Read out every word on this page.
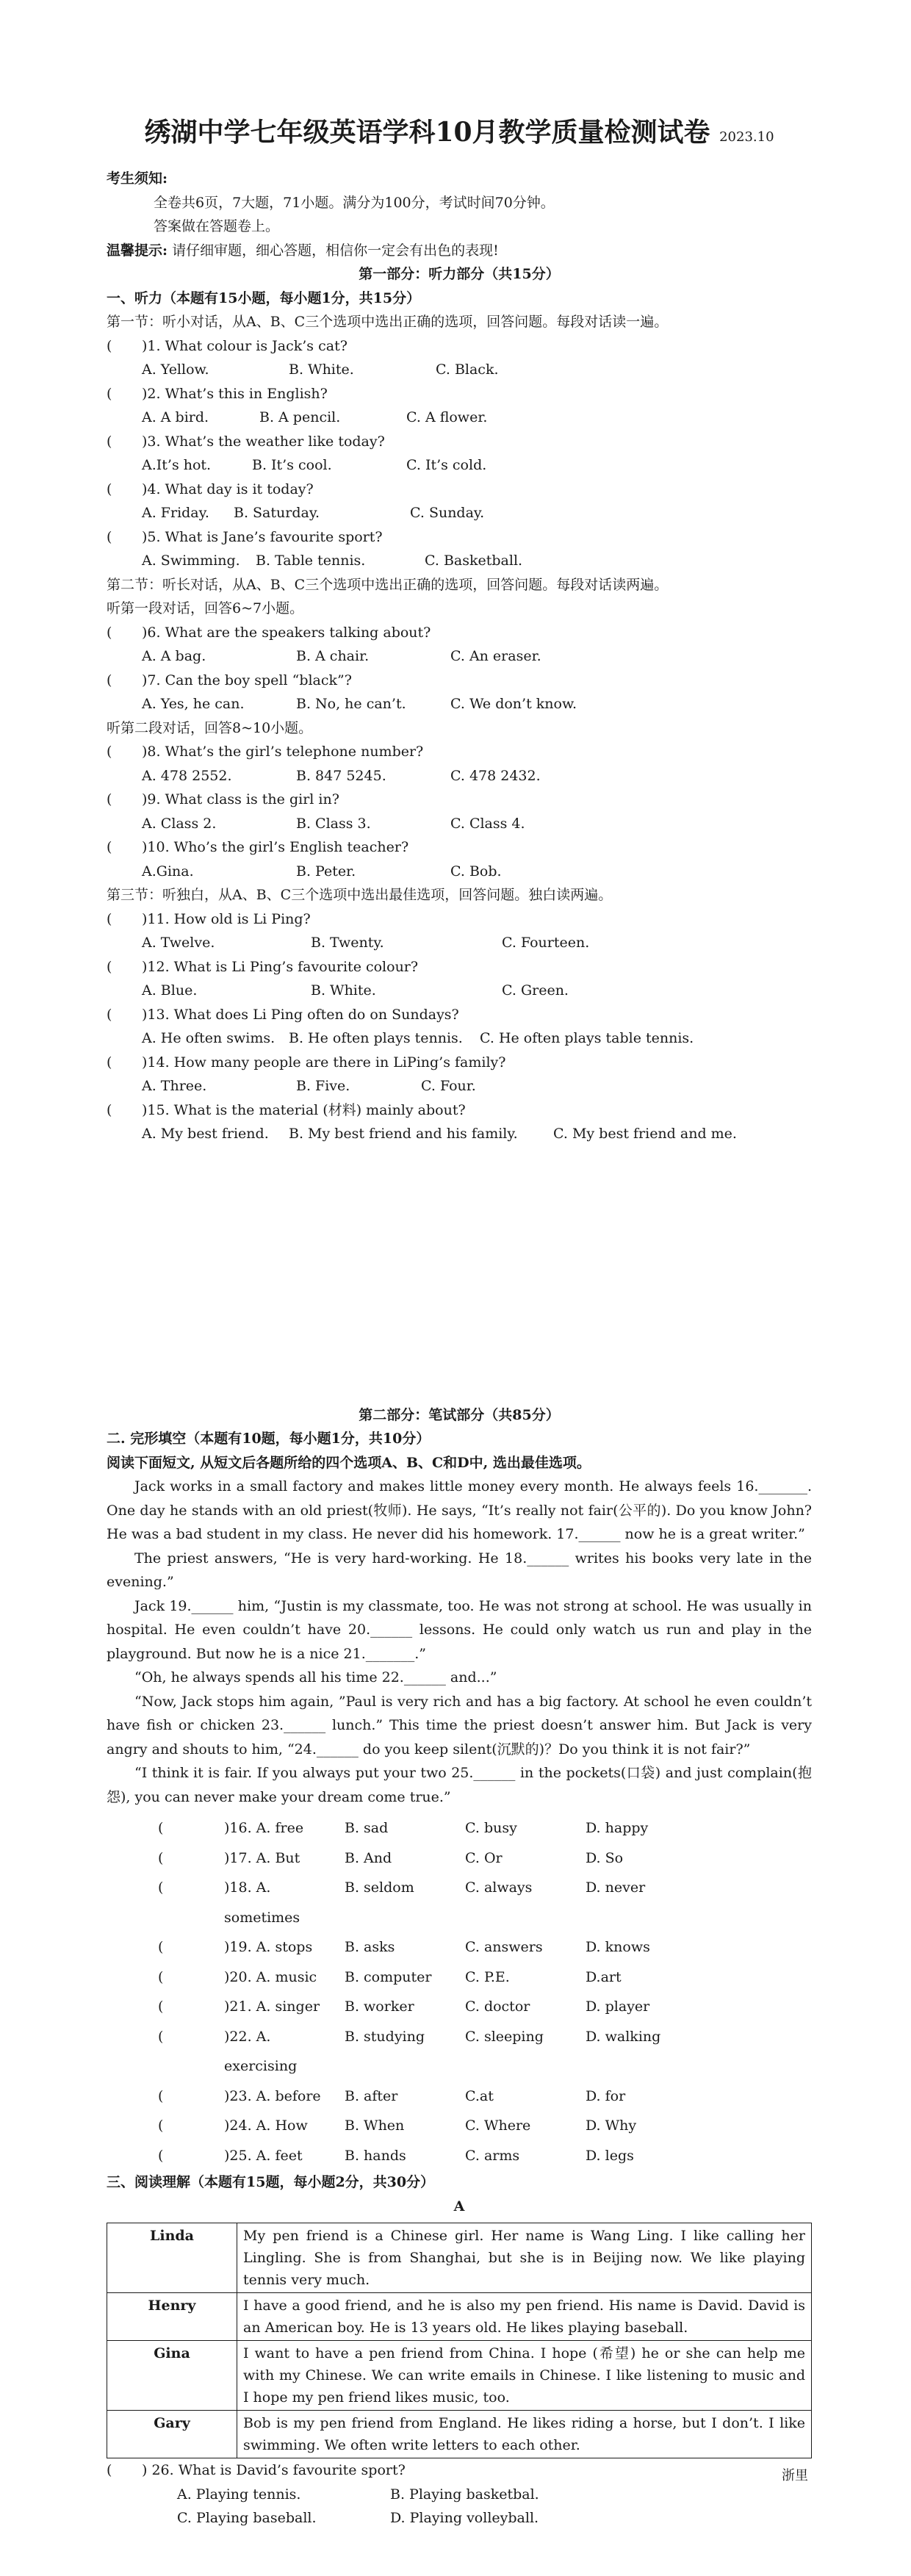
绣湖中学七年级英语学科10月教学质量检测试卷 2023.10
考生须知:
全卷共6页，7大题，71小题。满分为100分，考试时间70分钟。
答案做在答题卷上。
温馨提示: 请仔细审题，细心答题，相信你一定会有出色的表现!
第一部分：听力部分（共15分）
一、听力（本题有15小题，每小题1分，共15分）
第一节：听小对话，从A、B、C三个选项中选出正确的选项，回答问题。每段对话读一遍。
(	)1. What colour is Jack’s cat?
A. Yellow.	B. White.	C. Black.
(	)2. What’s this in English?
A. A bird.	B. A pencil.	C. A flower.
(	)3. What’s the weather like today?
A.It’s hot.	B. It’s cool.	C. It’s cold.
(	)4. What day is it today?
A. Friday.	B. Saturday.	C. Sunday.
(	)5. What is Jane’s favourite sport?
A. Swimming.	B. Table tennis.	C. Basketball.
第二节：听长对话，从A、B、C三个选项中选出正确的选项，回答问题。每段对话读两遍。
听第一段对话，回答6~7小题。
(	)6. What are the speakers talking about?
A. A bag.	B. A chair.	C. An eraser.
(	)7. Can the boy spell “black”?
A. Yes, he can.	B. No, he can’t.	C. We don’t know.
听第二段对话，回答8~10小题。
(	)8. What’s the girl’s telephone number?
A. 478 2552.	B. 847 5245.	C. 478 2432.
(	)9. What class is the girl in?
A. Class 2.	B. Class 3.	C. Class 4.
(	)10. Who’s the girl’s English teacher?
A.Gina.	B. Peter.	C. Bob.
第三节：听独白，从A、B、C三个选项中选出最佳选项，回答问题。独白读两遍。
(	)11. How old is Li Ping?
A. Twelve.	B. Twenty.	C. Fourteen.
(	)12. What is Li Ping’s favourite colour?
A. Blue.	B. White.	C. Green.
(	)13. What does Li Ping often do on Sundays?
A. He often swims. B. He often plays tennis.	C. He often plays table tennis.
(	)14. How many people are there in LiPing’s family?
A. Three.	B. Five.	C. Four.
(	)15. What is the material (材料) mainly about?
A. My best friend.	B. My best friend and his family.	C. My best friend and me.
第二部分：笔试部分（共85分）
二. 完形填空（本题有10题，每小题1分，共10分）
阅读下面短文, 从短文后各题所给的四个选项A、B、C和D中, 选出最佳选项。
Jack works in a small factory and makes little money every month. He always feels 16._______. One day he stands with an old priest(牧师). He says, “It’s really not fair(公平的). Do you know John? He was a bad student in my class. He never did his homework. 17.______ now he is a great writer.”
The priest answers, “He is very hard-working. He 18.______ writes his books very late in the evening.”
Jack 19.______ him, “Justin is my classmate, too. He was not strong at school. He was usually in hospital. He even couldn’t have 20.______ lessons. He could only watch us run and play in the playground. But now he is a nice 21._______.”
“Oh, he always spends all his time 22.______ and...”
“Now, Jack stops him again, ”Paul is very rich and has a big factory. At school he even couldn’t have fish or chicken 23.______ lunch.” This time the priest doesn’t answer him. But Jack is very angry and shouts to him, “24.______ do you keep silent(沉默的)？Do you think it is not fair?”
“I think it is fair. If you always put your two 25.______ in the pockets(口袋) and just complain(抱怨), you can never make your dream come true.”
(	)16. A. free	B. sad	C. busy	D. happy
(	)17. A. But	B. And	C. Or	D. So
(	)18. A. sometimes
B. seldom	C. always	D. never
(	)19. A. stops	B. asks	C. answers	D. knows
(	)20. A. music	B. computer	C. P.E.	D.art
(	)21. A. singer	B. worker	C. doctor	D. player
(	)22. A. exercising
B. studying	C. sleeping	D. walking
(	)23. A. before	B. after	C.at	D. for
(	)24. A. How	B. When	C. Where	D. Why
(	)25. A. feet	B. hands	C. arms	D. legs
三、阅读理解（本题有15题，每小题2分，共30分）
A
Linda	My pen friend is a Chinese girl. Her name is Wang Ling. I like calling her Lingling. She is from Shanghai, but she is in Beijing now. We like playing tennis very much.
Henry	I have a good friend, and he is also my pen friend. His name is David. David is an American boy. He is 13 years old. He likes playing baseball.
Gina	I want to have a pen friend from China. I hope (希望) he or she can help me with my Chinese. We can write emails in Chinese. I like listening to music and I hope my pen friend likes music, too.
Gary	Bob is my pen friend from England. He likes riding a horse, but I don’t. I like swimming. We often write letters to each other.
(	) 26. What is David’s favourite sport?
A. Playing tennis.	B. Playing basketbal.
C. Playing baseball.	D. Playing volleyball.
浙里
